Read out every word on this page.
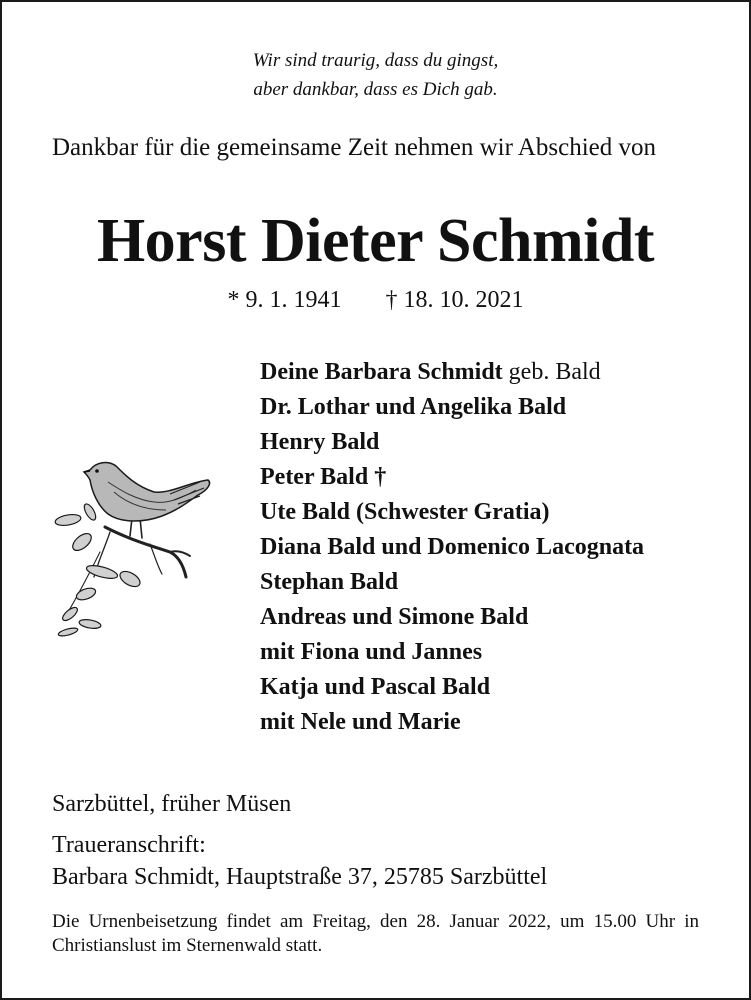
Wir sind traurig, dass du gingst,
aber dankbar, dass es Dich gab.
Dankbar für die gemeinsame Zeit nehmen wir Abschied von
Horst Dieter Schmidt
* 9. 1. 1941 † 18. 10. 2021
Deine Barbara Schmidt geb. Bald
Dr. Lothar und Angelika Bald
Henry Bald
Peter Bald †
Ute Bald (Schwester Gratia)
Diana Bald und Domenico Lacognata
Stephan Bald
Andreas und Simone Bald
mit Fiona und Jannes
Katja und Pascal Bald
mit Nele und Marie
Sarzbüttel, früher Müsen
Traueranschrift:
Barbara Schmidt, Hauptstraße 37, 25785 Sarzbüttel
Die Urnenbeisetzung findet am Freitag, den 28. Januar 2022, um 15.00 Uhr in Christianslust im Sternenwald statt.
